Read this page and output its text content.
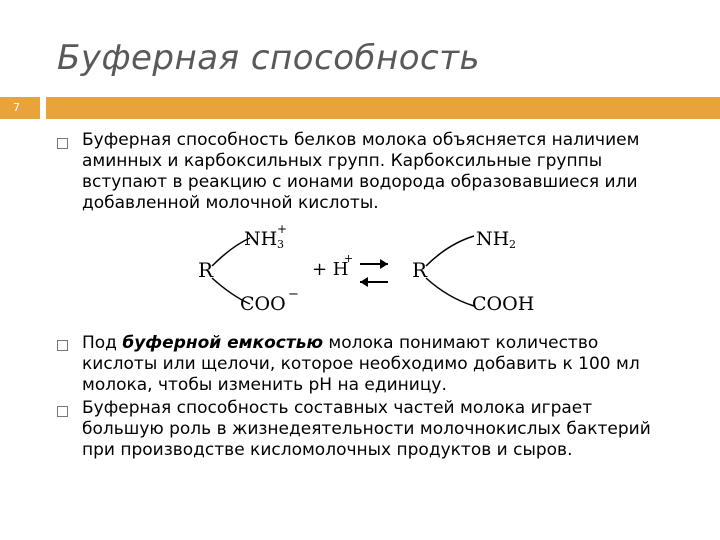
Буферная способность
7
Буферная способность белков молока объясняется наличием
аминных и карбоксильных групп. Карбоксильные группы
вступают в реакцию с ионами водорода образовавшиеся или
добавленной молочной кислоты.
R
NH 3
+
COO −
+ H
+	R
NH 2
COOH
Под буферной емкостью молока понимают количество
кислоты или щелочи, которое необходимо добавить к 100 мл
молока, чтобы изменить рН на единицу.
Буферная способность составных частей молока играет
большую роль в жизнедеятельности молочнокислых бактерий
при производстве кисломолочных продуктов и сыров.
